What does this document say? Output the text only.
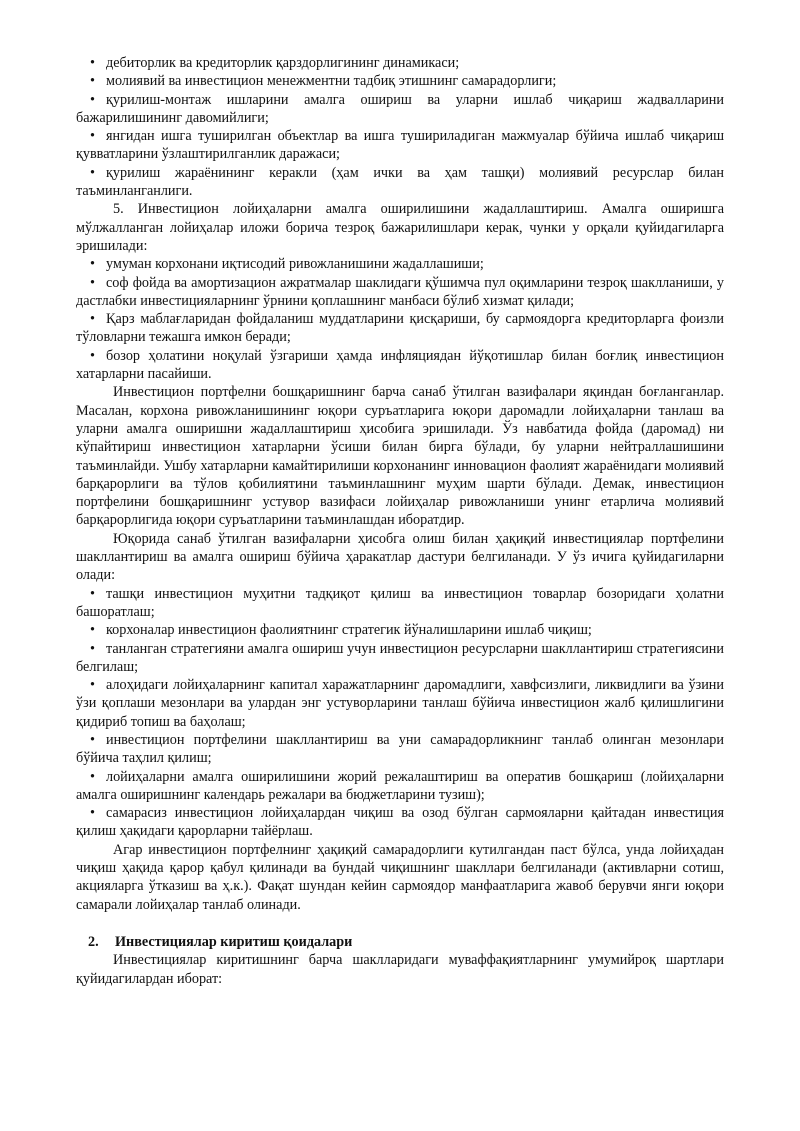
• дебиторлик ва кредиторлик қарздорлигининг динамикаси;

• молиявий ва инвестицион менежментни тадбиқ этишнинг самарадорлиги;

• қурилиш-монтаж ишларини амалга ошириш ва уларни ишлаб чиқариш жадвалларини бажарилишининг давомийлиги;

• янгидан ишга туширилган объектлар ва ишга тушириладиган мажмуалар бўйича ишлаб чиқариш қувватларини ўзлаштирилганлик даражаси;

• қурилиш жараёнининг керакли (ҳам ички ва ҳам ташқи) молиявий ресурслар билан таъминланганлиги.

5. Инвестицион лойиҳаларни амалга оширилишини жадаллаштириш. Амалга оширишга мўлжалланган лойиҳалар иложи борича тезроқ бажарилишлари керак, чунки у орқали қуйидагиларга эришилади:

• умуман корхонани иқтисодий ривожланишини жадаллашиши;

• соф фойда ва амортизацион ажратмалар шаклидаги қўшимча пул оқимларини тезроқ шаклланиши, у дастлабки инвестицияларнинг ўрнини қоплашнинг манбаси бўлиб хизмат қилади;

• Қарз маблағларидан фойдаланиш муддатларини қисқариши, бу сармоядорга кредиторларга фоизли тўловларни тежашга имкон беради;

• бозор ҳолатини ноқулай ўзгариши ҳамда инфляциядан йўқотишлар билан боғлиқ инвестицион хатарларни пасайиши.

Инвестицион портфелни бошқаришнинг барча санаб ўтилган вазифалари яқиндан боғланганлар. Масалан, корхона ривожланишининг юқори суръатларига юқори даромадли лойиҳаларни танлаш ва уларни амалга оширишни жадаллаштириш ҳисобига эришилади. Ўз навбатида фойда (даромад) ни кўпайтириш инвестицион хатарларни ўсиши билан бирга бўлади, бу уларни нейтраллашишини таъминлайди. Ушбу хатарларни камайтирилиши корхонанинг инновацион фаолият жараёнидаги молиявий барқарорлиги ва тўлов қобилиятини таъминлашнинг муҳим шарти бўлади. Демак, инвестицион портфелини бошқаришнинг устувор вазифаси лойиҳалар ривожланиши унинг етарлича молиявий барқарорлигида юқори суръатларини таъминлашдан иборатдир.

Юқорида санаб ўтилган вазифаларни ҳисобга олиш билан ҳақиқий инвестициялар портфелини шакллантириш ва амалга ошириш бўйича ҳаракатлар дастури белгиланади. У ўз ичига қуйидагиларни олади:

• ташқи инвестицион муҳитни тадқиқот қилиш ва инвестицион товарлар бозоридаги ҳолатни башоратлаш;

• корхоналар инвестицион фаолиятнинг стратегик йўналишларини ишлаб чиқиш;

• танланган стратегияни амалга ошириш учун инвестицион ресурсларни шакллантириш стратегиясини белгилаш;

• алоҳидаги лойиҳаларнинг капитал харажатларнинг даромадлиги, хавфсизлиги, ликвидлиги ва ўзини ўзи қоплаши мезонлари ва улардан энг устуворларини танлаш бўйича инвестицион жалб қилишлигини қидириб топиш ва баҳолаш;

• инвестицион портфелини шакллантириш ва уни самарадорликнинг танлаб олинган мезонлари бўйича таҳлил қилиш;

• лойиҳаларни амалга оширилишини жорий режалаштириш ва оператив бошқариш (лойиҳаларни амалга оширишнинг календарь режалари ва бюджетларини тузиш);

• самарасиз инвестицион лойиҳалардан чиқиш ва озод бўлган сармояларни қайтадан инвестиция қилиш ҳақидаги қарорларни тайёрлаш.

Агар инвестицион портфелнинг ҳақиқий самарадорлиги кутилгандан паст бўлса, унда лойиҳадан чиқиш ҳақида қарор қабул қилинади ва бундай чиқишнинг шакллари белгиланади (активларни сотиш, акцияларга ўтказиш ва ҳ.к.). Фақат шундан кейин сармоядор манфаатларига жавоб берувчи янги юқори самарали лойиҳалар танлаб олинади.

2. Инвестициялар киритиш қоидалари

Инвестициялар киритишнинг барча шаклларидаги муваффақиятларнинг умумийроқ шартлари қуйидагилардан иборат:
